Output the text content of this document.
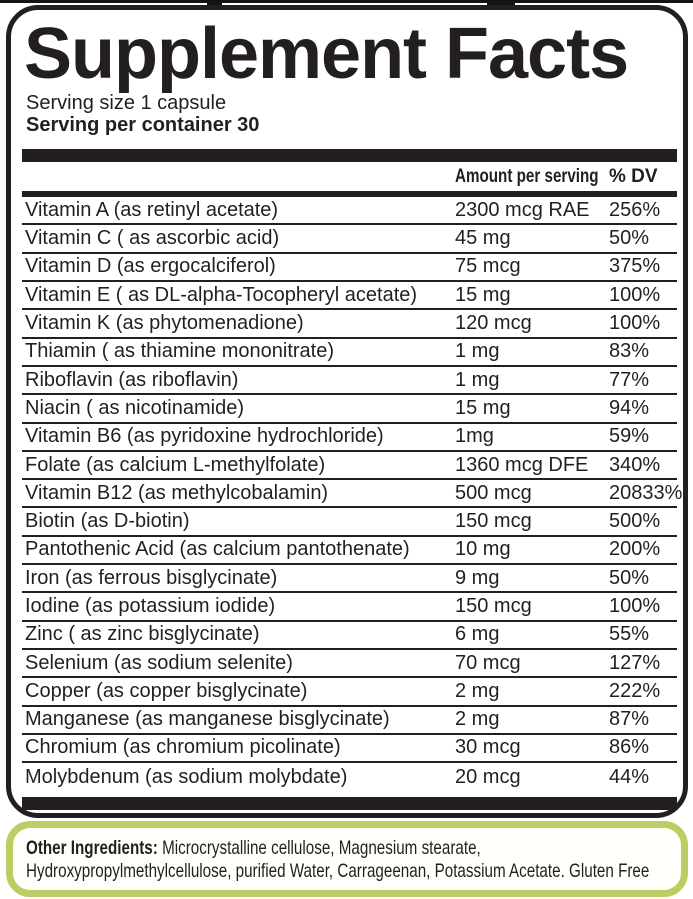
Supplement Facts
Serving size 1 capsule
Serving per container 30
Amount per serving % DV
Vitamin A (as retinyl acetate)	2300 mcg RAE 256%
Vitamin C ( as ascorbic acid)	45 mg	50%
Vitamin D (as ergocalciferol)	75 mcg	375%
Vitamin E ( as DL-alpha-Tocopheryl acetate)	15 mg	100%
Vitamin K (as phytomenadione)	120 mcg	100%
Thiamin ( as thiamine mononitrate)	1 mg	83%
Riboflavin (as riboflavin)	1 mg	77%
Niacin ( as nicotinamide)	15 mg	94%
Vitamin B6 (as pyridoxine hydrochloride)	1mg	59%
Folate (as calcium L-methylfolate)	1360 mcg DFE	340%
Vitamin B12 (as methylcobalamin)	500 mcg	20833%
Biotin (as D-biotin)	150 mcg	500%
Pantothenic Acid (as calcium pantothenate)	10 mg	200%
Iron (as ferrous bisglycinate)	9 mg	50%
Iodine (as potassium iodide)	150 mcg	100%
Zinc ( as zinc bisglycinate)	6 mg	55%
Selenium (as sodium selenite)	70 mcg	127%
Copper (as copper bisglycinate)	2 mg	222%
Manganese (as manganese bisglycinate)	2 mg	87%
Chromium (as chromium picolinate)	30 mcg	86%
Molybdenum (as sodium molybdate)	20 mcg	44%
Other Ingredients: Microcrystalline cellulose, Magnesium stearate,
Hydroxypropylmethylcellulose, purified Water, Carrageenan, Potassium Acetate. Gluten Free
